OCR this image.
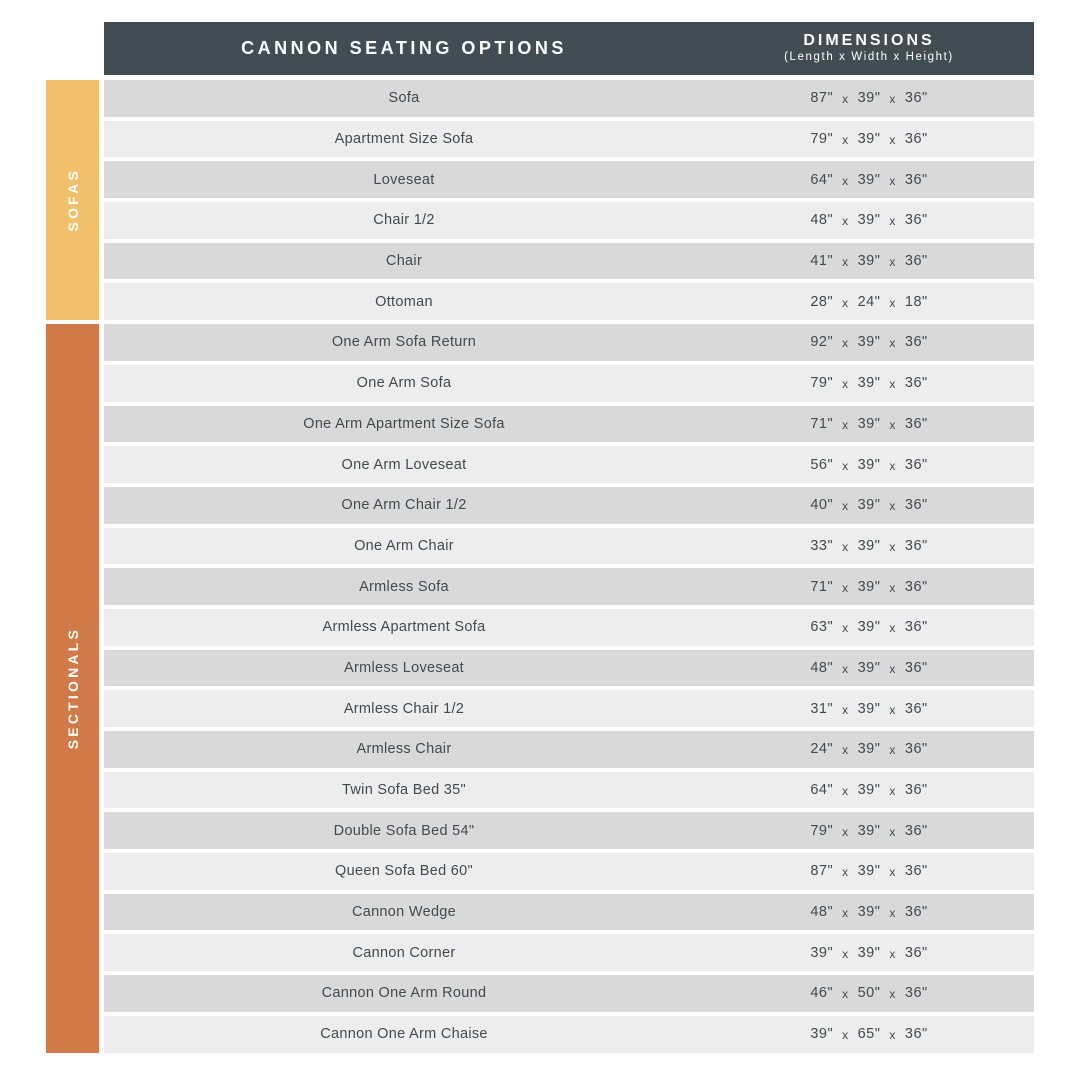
CANNON SEATING OPTIONS	DIMENSIONS
(Length x Width x Height)
SOFAS
Sofa	87" x 39" x 36"
Apartment Size Sofa	79" x 39" x 36"
Loveseat	64" x 39" x 36"
Chair 1/2	48" x 39" x 36"
Chair	41" x 39" x 36"
Ottoman	28" x 24" x 18"
SECTIONALS
One Arm Sofa Return	92" x 39" x 36"
One Arm Sofa	79" x 39" x 36"
One Arm Apartment Size Sofa	71" x 39" x 36"
One Arm Loveseat	56" x 39" x 36"
One Arm Chair 1/2	40" x 39" x 36"
One Arm Chair	33" x 39" x 36"
Armless Sofa	71" x 39" x 36"
Armless Apartment Sofa	63" x 39" x 36"
Armless Loveseat	48" x 39" x 36"
Armless Chair 1/2	31" x 39" x 36"
Armless Chair	24" x 39" x 36"
Twin Sofa Bed 35"	64" x 39" x 36"
Double Sofa Bed 54"	79" x 39" x 36"
Queen Sofa Bed 60"	87" x 39" x 36"
Cannon Wedge	48" x 39" x 36"
Cannon Corner	39" x 39" x 36"
Cannon One Arm Round	46" x 50" x 36"
Cannon One Arm Chaise	39" x 65" x 36"
